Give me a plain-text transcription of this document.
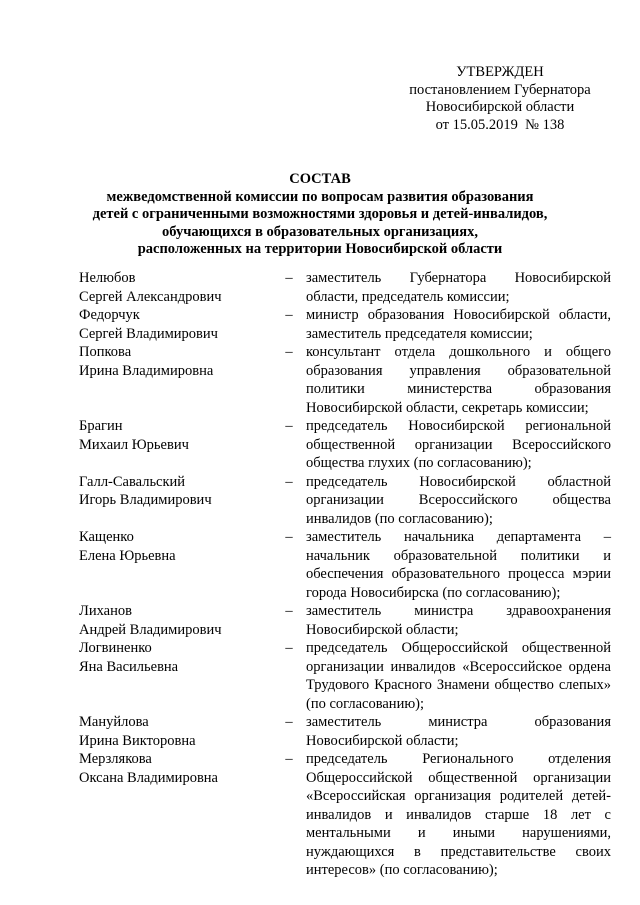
УТВЕРЖДЕН
постановлением Губернатора
Новосибирской области
от 15.05.2019  № 138
СОСТАВ
межведомственной комиссии по вопросам развития образования
детей с ограниченными возможностями здоровья и детей-инвалидов,
обучающихся в образовательных организациях,
расположенных на территории Новосибирской области
Нелюбов
Сергей Александрович
– заместитель Губернатора Новосибирской области, председатель комиссии;
Федорчук
Сергей Владимирович
– министр образования Новосибирской области, заместитель председателя комиссии;
Попкова
Ирина Владимировна
– консультант отдела дошкольного и общего образования управления образовательной политики министерства образования Новосибирской области, секретарь комиссии;
Брагин
Михаил Юрьевич
– председатель Новосибирской региональной общественной организации Всероссийского общества глухих (по согласованию);
Галл-Савальский
Игорь Владимирович
– председатель Новосибирской областной организации Всероссийского общества инвалидов (по согласованию);
Кащенко
Елена Юрьевна
– заместитель начальника департамента – начальник образовательной политики и обеспечения образовательного процесса мэрии города Новосибирска (по согласованию);
Лиханов
Андрей Владимирович
– заместитель министра здравоохранения Новосибирской области;
Логвиненко
Яна Васильевна
– председатель Общероссийской общественной организации инвалидов «Всероссийское ордена Трудового Красного Знамени общество слепых» (по согласованию);
Мануйлова
Ирина Викторовна
– заместитель министра образования Новосибирской области;
Мерзлякова
Оксана Владимировна
– председатель Регионального отделения Общероссийской общественной организации «Всероссийская организация родителей детей-инвалидов и инвалидов старше 18 лет с ментальными и иными нарушениями, нуждающихся в представительстве своих интересов» (по согласованию);
